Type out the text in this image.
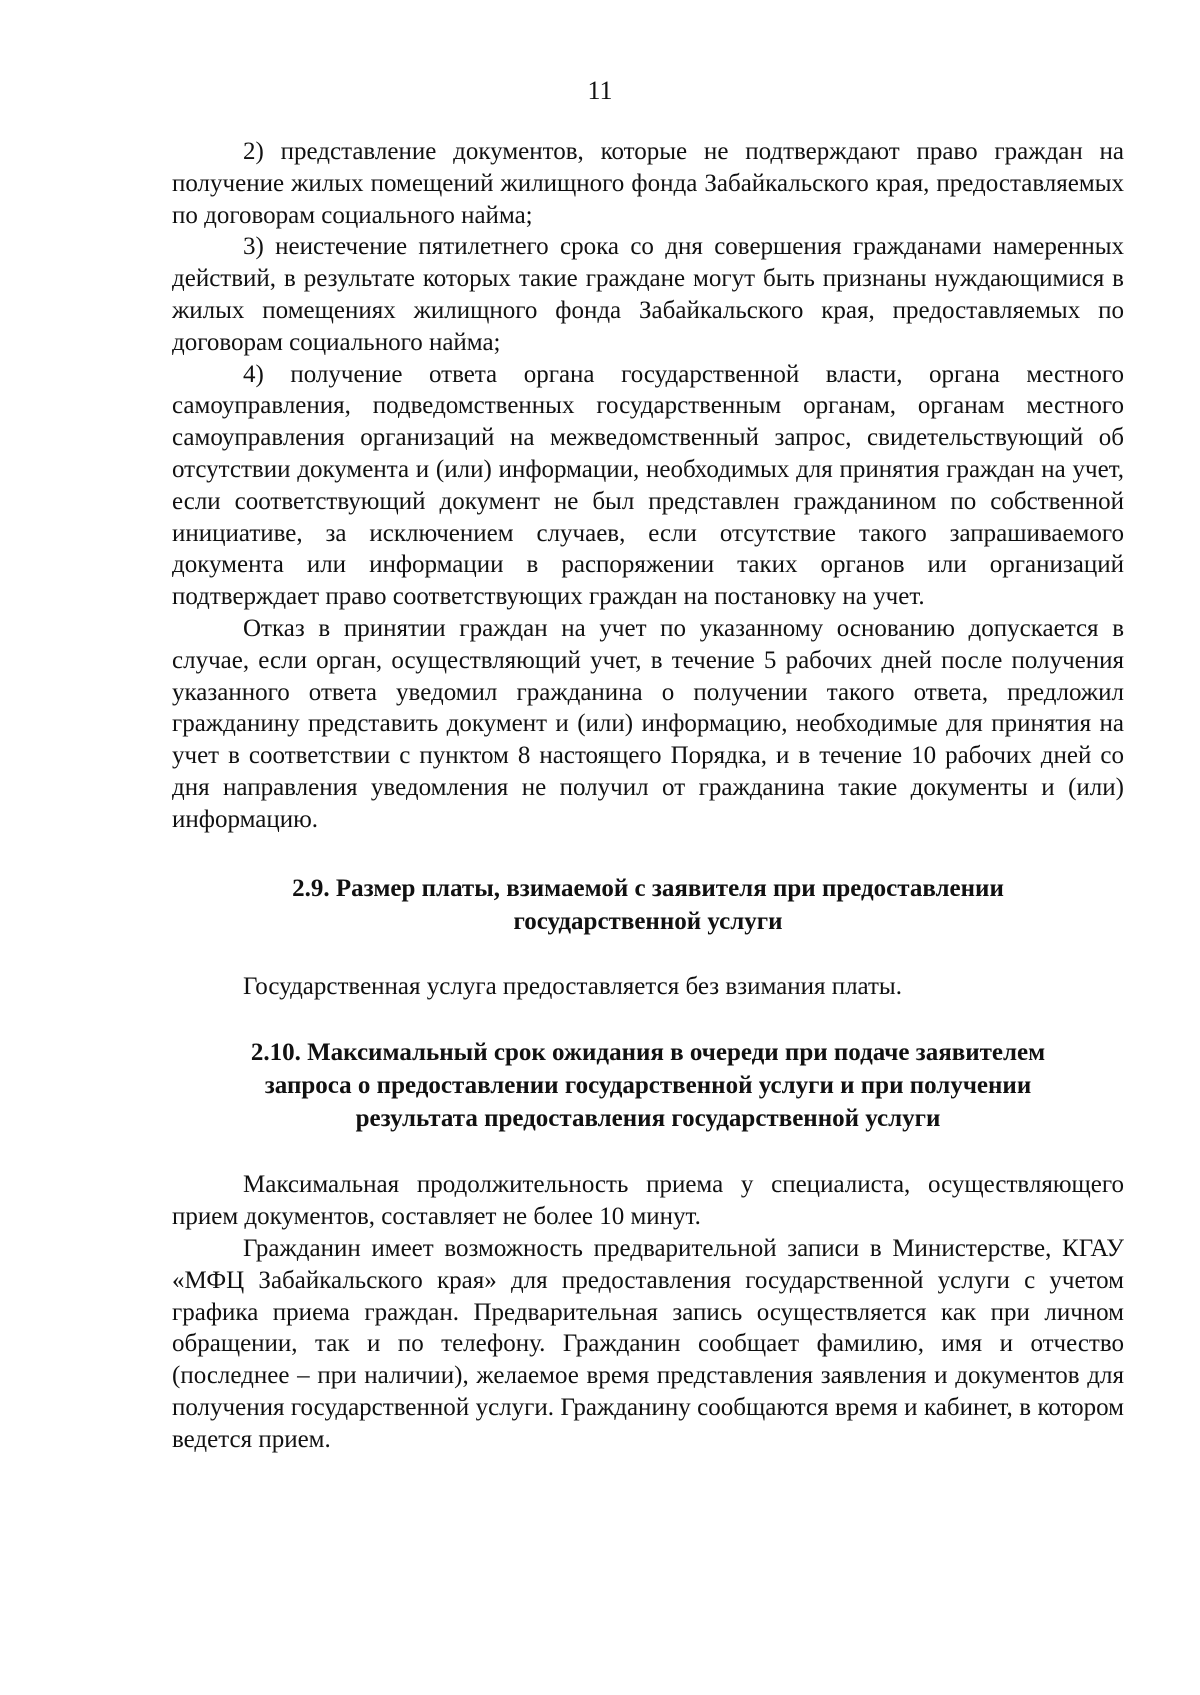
11

2) представление документов, которые не подтверждают право граждан на получение жилых помещений жилищного фонда Забайкальского края, предоставляемых по договорам социального найма;

3) неистечение пятилетнего срока со дня совершения гражданами намеренных действий, в результате которых такие граждане могут быть признаны нуждающимися в жилых помещениях жилищного фонда Забайкальского края, предоставляемых по договорам социального найма;

4) получение ответа органа государственной власти, органа местного самоуправления, подведомственных государственным органам, органам местного самоуправления организаций на межведомственный запрос, свидетельствующий об отсутствии документа и (или) информации, необходимых для принятия граждан на учет, если соответствующий документ не был представлен гражданином по собственной инициативе, за исключением случаев, если отсутствие такого запрашиваемого документа или информации в распоряжении таких органов или организаций подтверждает право соответствующих граждан на постановку на учет.

Отказ в принятии граждан на учет по указанному основанию допускается в случае, если орган, осуществляющий учет, в течение 5 рабочих дней после получения указанного ответа уведомил гражданина о получении такого ответа, предложил гражданину представить документ и (или) информацию, необходимые для принятия на учет в соответствии с пунктом 8 настоящего Порядка, и в течение 10 рабочих дней со дня направления уведомления не получил от гражданина такие документы и (или) информацию.

2.9. Размер платы, взимаемой с заявителя при предоставлении
государственной услуги

Государственная услуга предоставляется без взимания платы.

2.10. Максимальный срок ожидания в очереди при подаче заявителем
запроса о предоставлении государственной услуги и при получении
результата предоставления государственной услуги

Максимальная продолжительность приема у специалиста, осуществляющего прием документов, составляет не более 10 минут.

Гражданин имеет возможность предварительной записи в Министерстве, КГАУ «МФЦ Забайкальского края» для предоставления государственной услуги с учетом графика приема граждан. Предварительная запись осуществляется как при личном обращении, так и по телефону. Гражданин сообщает фамилию, имя и отчество (последнее – при наличии), желаемое время представления заявления и документов для получения государственной услуги. Гражданину сообщаются время и кабинет, в котором ведется прием.
